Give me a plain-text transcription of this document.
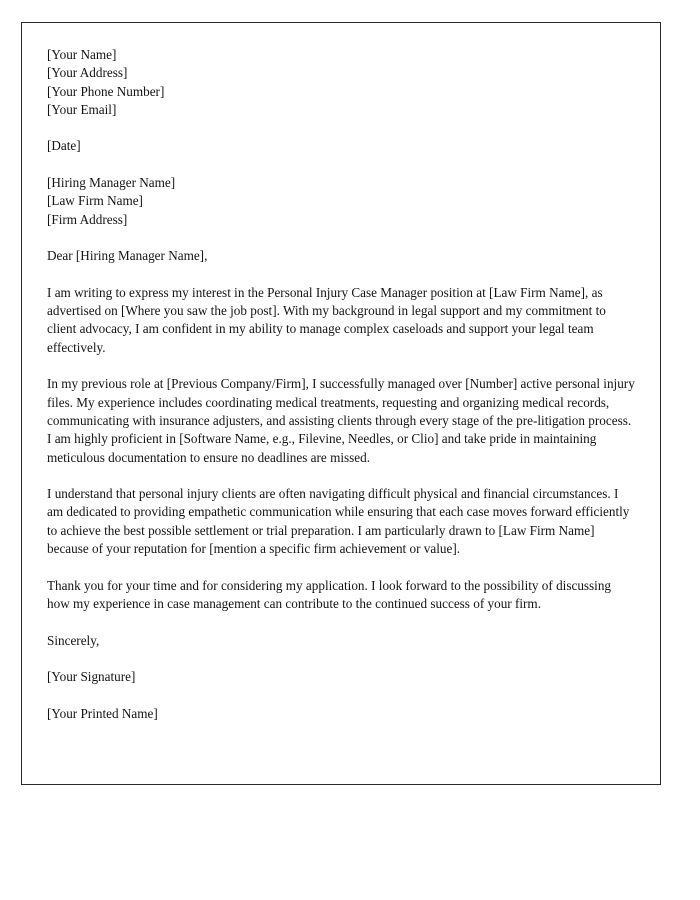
[Your Name]
[Your Address]
[Your Phone Number]
[Your Email]
[Date]
[Hiring Manager Name]
[Law Firm Name]
[Firm Address]
Dear [Hiring Manager Name],

I am writing to express my interest in the Personal Injury Case Manager position at [Law Firm Name], as advertised on [Where you saw the job post]. With my background in legal support and my commitment to client advocacy, I am confident in my ability to manage complex caseloads and support your legal team effectively.

In my previous role at [Previous Company/Firm], I successfully managed over [Number] active personal injury files. My experience includes coordinating medical treatments, requesting and organizing medical records, communicating with insurance adjusters, and assisting clients through every stage of the pre-litigation process. I am highly proficient in [Software Name, e.g., Filevine, Needles, or Clio] and take pride in maintaining meticulous documentation to ensure no deadlines are missed.

I understand that personal injury clients are often navigating difficult physical and financial circumstances. I am dedicated to providing empathetic communication while ensuring that each case moves forward efficiently to achieve the best possible settlement or trial preparation. I am particularly drawn to [Law Firm Name] because of your reputation for [mention a specific firm achievement or value].

Thank you for your time and for considering my application. I look forward to the possibility of discussing how my experience in case management can contribute to the continued success of your firm.

Sincerely,
[Your Signature]
[Your Printed Name]
